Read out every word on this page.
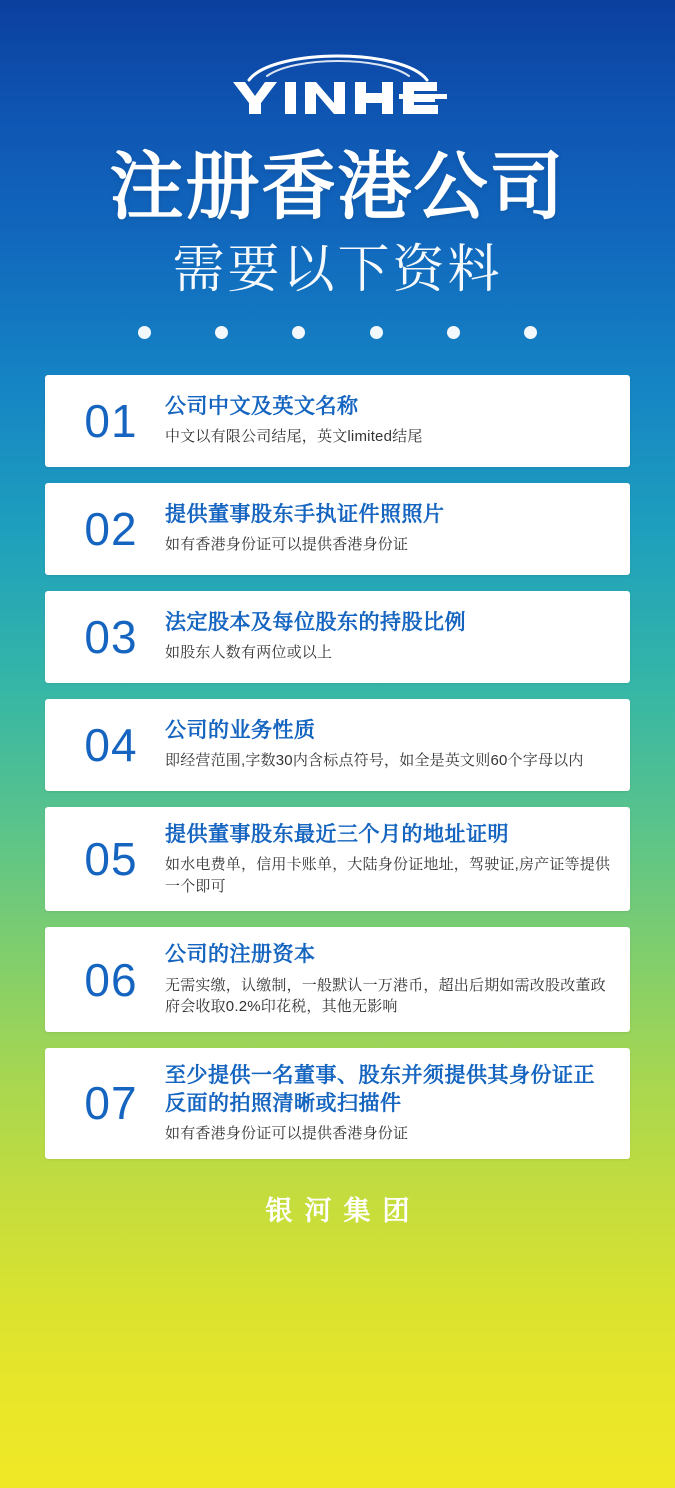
注册香港公司
需要以下资料
01	公司中文及英文名称
中文以有限公司结尾，英文limited结尾
02	提供董事股东手执证件照照片
如有香港身份证可以提供香港身份证
03	法定股本及每位股东的持股比例
如股东人数有两位或以上
04	公司的业务性质
即经营范围,字数30内含标点符号，如全是英文则60个字母以内
05	提供董事股东最近三个月的地址证明
如水电费单，信用卡账单，大陆身份证地址，驾驶证,房产证等提供一个即可
06	公司的注册资本
无需实缴，认缴制，一般默认一万港币，超出后期如需改股改董政府会收取0.2%印花税，其他无影响
07
至少提供一名董事、股东并须提供其身份证正反面的拍照清晰或扫描件
如有香港身份证可以提供香港身份证
银河集团
